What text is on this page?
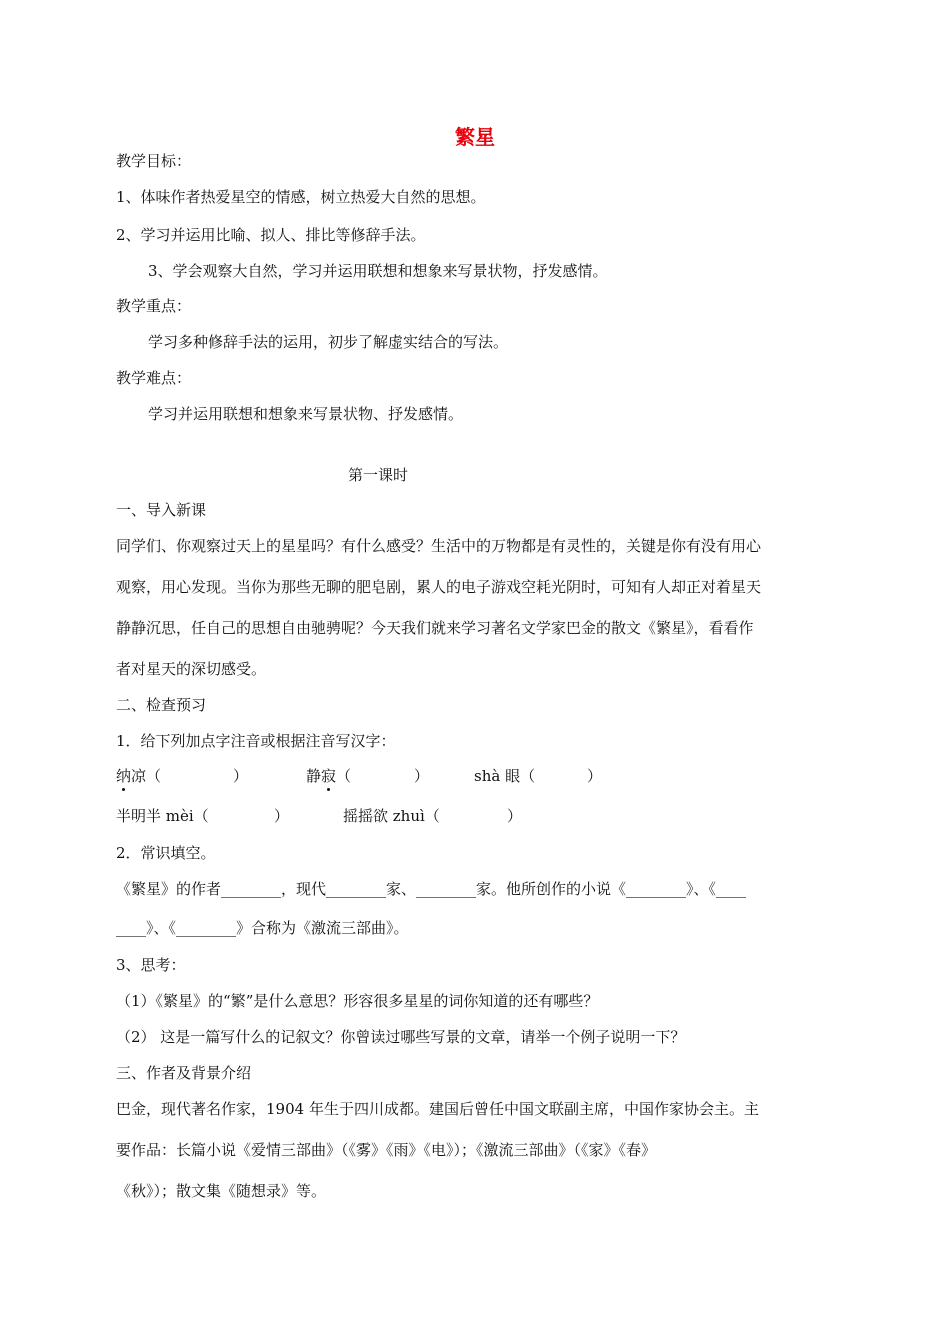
繁星
教学目标：
1、体味作者热爱星空的情感，树立热爱大自然的思想。
2、学习并运用比喻、拟人、排比等修辞手法。
3、学会观察大自然，学习并运用联想和想象来写景状物，抒发感情。
教学重点：
学习多种修辞手法的运用，初步了解虚实结合的写法。
教学难点：
学习并运用联想和想象来写景状物、抒发感情。
第一课时
一、导入新课
同学们、你观察过天上的星星吗？有什么感受？生活中的万物都是有灵性的，关键是你有没有用心
观察，用心发现。当你为那些无聊的肥皂剧，累人的电子游戏空耗光阴时，可知有人却正对着星天
静静沉思，任自己的思想自由驰骋呢？今天我们就来学习著名文学家巴金的散文《繁星》，看看作
者对星天的深切感受。
二、检查预习
1．给下列加点字注音或根据注音写汉字：
纳凉（	）	静寂（	）	shà 眼（	）
半明半 mèi（	）	摇摇欲 zhuì（	）
2．常识填空。
《繁星》的作者________，现代________家、________家。他所创作的小说《________》、《____
____》、《________》合称为《激流三部曲》。
3、思考：
（1）《繁星》的“繁”是什么意思？形容很多星星的词你知道的还有哪些？
（2） 这是一篇写什么的记叙文？你曾读过哪些写景的文章，请举一个例子说明一下？
三、作者及背景介绍
巴金，现代著名作家，1904 年生于四川成都。建国后曾任中国文联副主席，中国作家协会主。主
要作品：长篇小说《爱情三部曲》（《雾》《雨》《电》）；《激流三部曲》（《家》《春》
《秋》）；散文集《随想录》等。
